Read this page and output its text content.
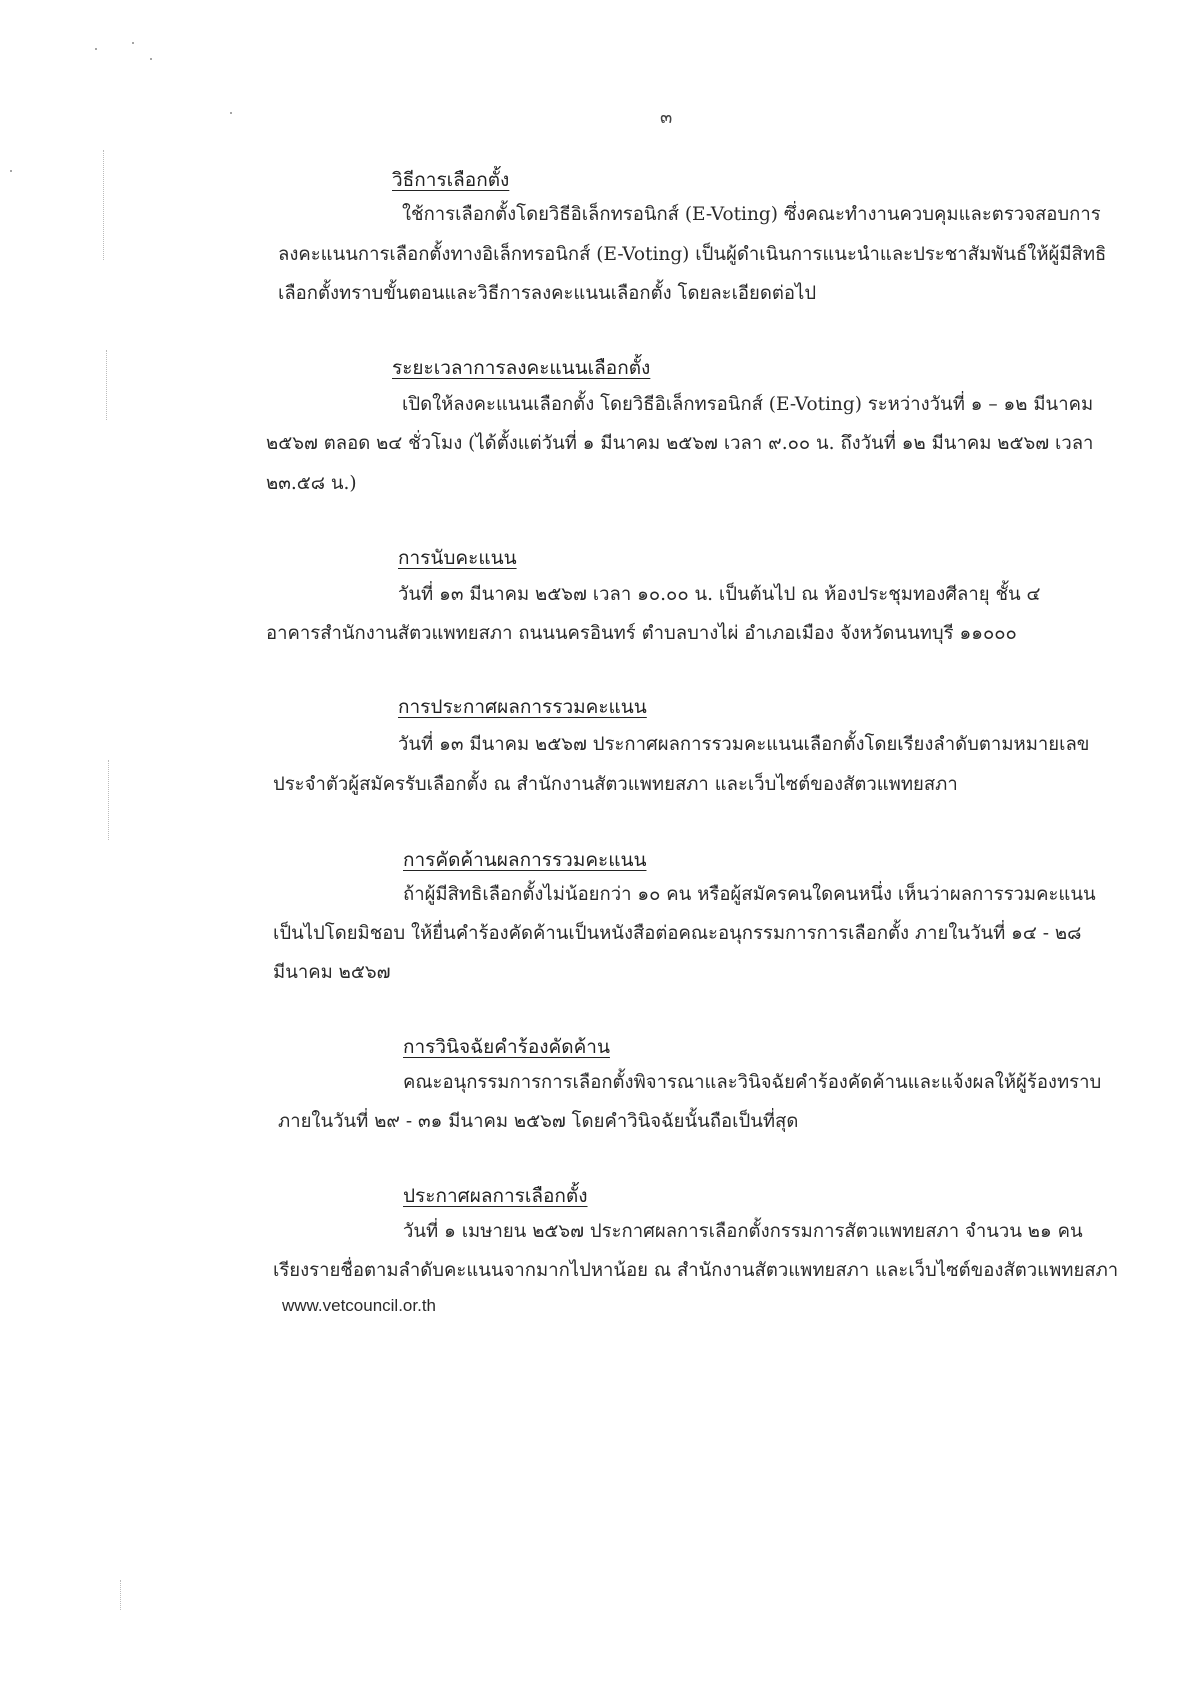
๓
วิธีการเลือกตั้ง
ใช้การเลือกตั้งโดยวิธีอิเล็กทรอนิกส์ (E-Voting) ซึ่งคณะทำงานควบคุมและตรวจสอบการ
ลงคะแนนการเลือกตั้งทางอิเล็กทรอนิกส์ (E-Voting) เป็นผู้ดำเนินการแนะนำและประชาสัมพันธ์ให้ผู้มีสิทธิ
เลือกตั้งทราบขั้นตอนและวิธีการลงคะแนนเลือกตั้ง โดยละเอียดต่อไป
ระยะเวลาการลงคะแนนเลือกตั้ง
เปิดให้ลงคะแนนเลือกตั้ง โดยวิธีอิเล็กทรอนิกส์ (E-Voting) ระหว่างวันที่ ๑ – ๑๒ มีนาคม
๒๕๖๗ ตลอด ๒๔ ชั่วโมง (ได้ตั้งแต่วันที่ ๑ มีนาคม ๒๕๖๗ เวลา ๙.๐๐ น. ถึงวันที่ ๑๒ มีนาคม ๒๕๖๗ เวลา
๒๓.๕๘ น.)
การนับคะแนน
วันที่ ๑๓ มีนาคม ๒๕๖๗ เวลา ๑๐.๐๐ น. เป็นต้นไป ณ ห้องประชุมทองศีลายุ ชั้น ๔
อาคารสำนักงานสัตวแพทยสภา ถนนนครอินทร์ ตำบลบางไผ่ อำเภอเมือง จังหวัดนนทบุรี ๑๑๐๐๐
การประกาศผลการรวมคะแนน
วันที่ ๑๓ มีนาคม ๒๕๖๗ ประกาศผลการรวมคะแนนเลือกตั้งโดยเรียงลำดับตามหมายเลข
ประจำตัวผู้สมัครรับเลือกตั้ง ณ สำนักงานสัตวแพทยสภา และเว็บไซต์ของสัตวแพทยสภา
การคัดค้านผลการรวมคะแนน
ถ้าผู้มีสิทธิเลือกตั้งไม่น้อยกว่า ๑๐ คน หรือผู้สมัครคนใดคนหนึ่ง เห็นว่าผลการรวมคะแนน
เป็นไปโดยมิชอบ ให้ยื่นคำร้องคัดค้านเป็นหนังสือต่อคณะอนุกรรมการการเลือกตั้ง ภายในวันที่ ๑๔ - ๒๘
มีนาคม ๒๕๖๗
การวินิจฉัยคำร้องคัดค้าน
คณะอนุกรรมการการเลือกตั้งพิจารณาและวินิจฉัยคำร้องคัดค้านและแจ้งผลให้ผู้ร้องทราบ
ภายในวันที่ ๒๙ - ๓๑ มีนาคม ๒๕๖๗ โดยคำวินิจฉัยนั้นถือเป็นที่สุด
ประกาศผลการเลือกตั้ง
วันที่ ๑ เมษายน ๒๕๖๗ ประกาศผลการเลือกตั้งกรรมการสัตวแพทยสภา จำนวน ๒๑ คน
เรียงรายชื่อตามลำดับคะแนนจากมากไปหาน้อย ณ สำนักงานสัตวแพทยสภา และเว็บไซต์ของสัตวแพทยสภา
www.vetcouncil.or.th
